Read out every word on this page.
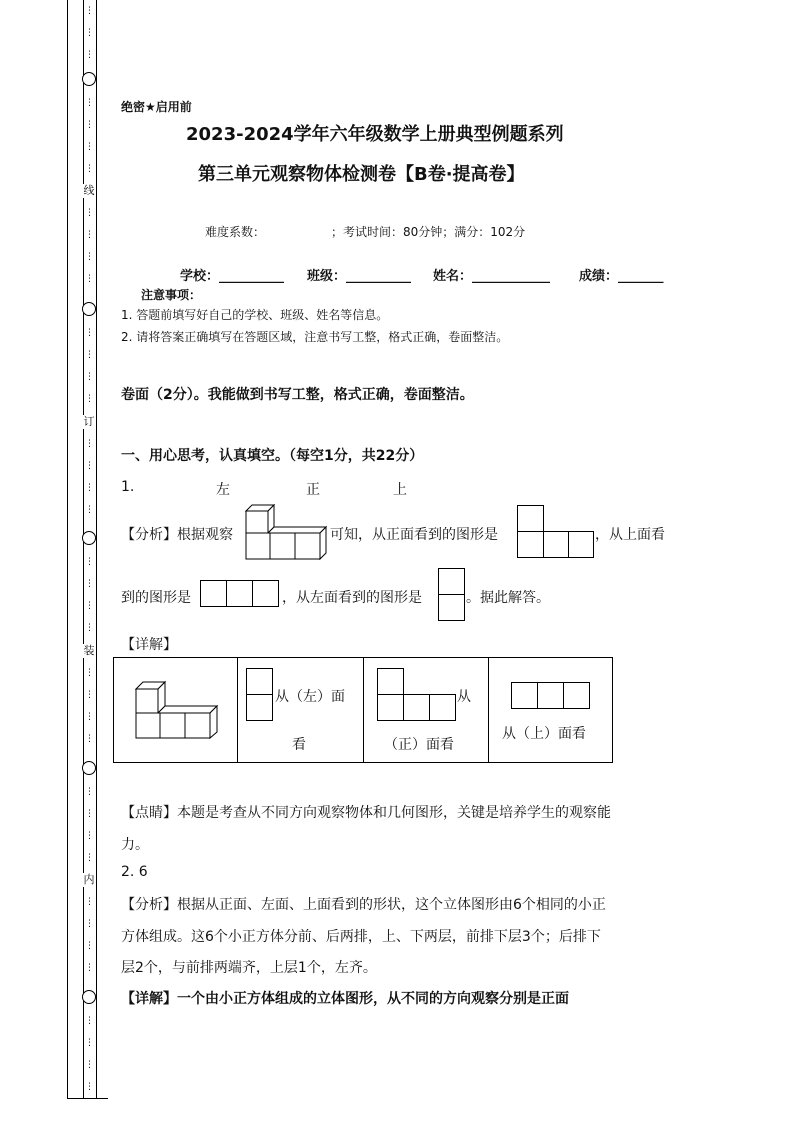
⋮
⋮
⋮
⋮
⋮
⋮
⋮
线
⋮
⋮
⋮
⋮
⋮
⋮
⋮
⋮
订
⋮
⋮
⋮
⋮
⋮
⋮
⋮
⋮
装
⋮
⋮
⋮
⋮
⋮
⋮
⋮
⋮
内
⋮
⋮
⋮
⋮
⋮
⋮
⋮
⋮
绝密★启用前
2023-2024学年六年级数学上册典型例题系列
第三单元观察物体检测卷【B卷·提高卷】
难度系数：　　　　　　；考试时间：80分钟；满分：102分
学校：__________ 班级：__________ 姓名：____________ 成绩：_______
注意事项：
1. 答题前填写好自己的学校、班级、姓名等信息。
2. 请将答案正确填写在答题区域，注意书写工整，格式正确，卷面整洁。
卷面（2分）。我能做到书写工整，格式正确，卷面整洁。
一、用心思考，认真填空。（每空1分，共22分）
1.	左	正	上
【分析】根据观察	可知，从正面看到的图形是	，从上面看
到的图形是	，从左面看到的图形是	。据此解答。
【详解】
从（左）面
看
从
（正）面看
从（上）面看
【点睛】本题是考查从不同方向观察物体和几何图形，关键是培养学生的观察能
力。
2. 6
【分析】根据从正面、左面、上面看到的形状，这个立体图形由6个相同的小正
方体组成。这6个小正方体分前、后两排，上、下两层，前排下层3个；后排下
层2个，与前排两端齐，上层1个，左齐。
【详解】一个由小正方体组成的立体图形，从不同的方向观察分别是正面
